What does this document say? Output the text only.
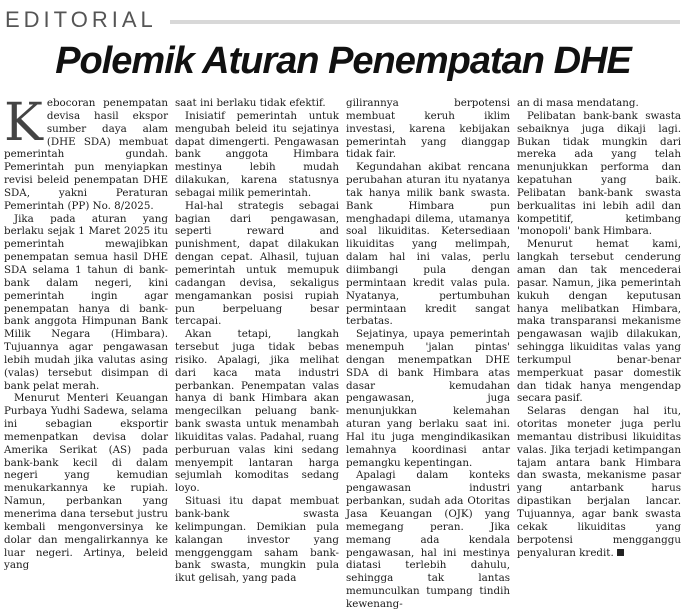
EDITORIAL
Polemik Aturan Penempatan DHE
K ebocoran penempatan devisa hasil ekspor sumber daya alam (DHE SDA) membuat pemerintah gundah. Pemerintah pun menyiapkan revisi beleid penempatan DHE SDA, yakni Peraturan Pemerintah (PP) No. 8/2025.

Jika pada aturan yang berlaku sejak 1 Maret 2025 itu pemerintah mewajibkan penempatan semua hasil DHE SDA selama 1 tahun di bank-bank dalam negeri, kini pemerintah ingin agar penempatan hanya di bank-bank anggota Himpunan Bank Milik Negara (Himbara). Tujuannya agar pengawasan lebih mudah jika valutas asing (valas) tersebut disimpan di bank pelat merah.

Menurut Menteri Keuangan Purbaya Yudhi Sadewa, selama ini sebagian eksportir memenpatkan devisa dolar Amerika Serikat (AS) pada bank-bank kecil di dalam negeri yang kemudian menukarkannya ke rupiah. Namun, perbankan yang menerima dana tersebut justru kembali mengonversinya ke dolar dan mengalirkannya ke luar negeri. Artinya, beleid yang

saat ini berlaku tidak efektif.

Inisiatif pemerintah untuk mengubah beleid itu sejatinya dapat dimengerti. Pengawasan bank anggota Himbara mestinya lebih mudah dilakukan, karena statusnya sebagai milik pemerintah.

Hal-hal strategis sebagai bagian dari pengawasan, seperti reward and punishment, dapat dilakukan dengan cepat. Alhasil, tujuan pemerintah untuk memupuk cadangan devisa, sekaligus mengamankan posisi rupiah pun berpeluang besar tercapai.

Akan tetapi, langkah tersebut juga tidak bebas risiko. Apalagi, jika melihat dari kaca mata industri perbankan. Penempatan valas hanya di bank Himbara akan mengecilkan peluang bank-bank swasta untuk menambah likuiditas valas. Padahal, ruang perburuan valas kini sedang menyempit lantaran harga sejumlah komoditas sedang loyo.

Situasi itu dapat membuat bank-bank swasta kelimpungan. Demikian pula kalangan investor yang menggenggam saham bank-bank swasta, mungkin pula ikut gelisah, yang pada

gilirannya berpotensi membuat keruh iklim investasi, karena kebijakan pemerintah yang dianggap tidak fair.

Kegundahan akibat rencana perubahan aturan itu nyatanya tak hanya milik bank swasta. Bank Himbara pun menghadapi dilema, utamanya soal likuiditas. Ketersediaan likuiditas yang melimpah, dalam hal ini valas, perlu diimbangi pula dengan permintaan kredit valas pula. Nyatanya, pertumbuhan permintaan kredit sangat terbatas.

Sejatinya, upaya pemerintah menempuh 'jalan pintas' dengan menempatkan DHE SDA di bank Himbara atas dasar kemudahan pengawasan, juga menunjukkan kelemahan aturan yang berlaku saat ini. Hal itu juga mengindikasikan lemahnya koordinasi antar pemangku kepentingan.

Apalagi dalam konteks pengawasan industri perbankan, sudah ada Otoritas Jasa Keuangan (OJK) yang memegang peran. Jika memang ada kendala pengawasan, hal ini mestinya diatasi terlebih dahulu, sehingga tak lantas memunculkan tumpang tindih kewenang-

an di masa mendatang.

Pelibatan bank-bank swasta sebaiknya juga dikaji lagi. Bukan tidak mungkin dari mereka ada yang telah menunjukkan performa dan kepatuhan yang baik. Pelibatan bank-bank swasta berkualitas ini lebih adil dan kompetitif, ketimbang 'monopoli' bank Himbara.

Menurut hemat kami, langkah tersebut cenderung aman dan tak mencederai pasar. Namun, jika pemerintah kukuh dengan keputusan hanya melibatkan Himbara, maka transparansi mekanisme pengawasan wajib dilakukan, sehingga likuiditas valas yang terkumpul benar-benar memperkuat pasar domestik dan tidak hanya mengendap secara pasif.

Selaras dengan hal itu, otoritas moneter juga perlu memantau distribusi likuiditas valas. Jika terjadi ketimpangan tajam antara bank Himbara dan swasta, mekanisme pasar yang antarbank harus dipastikan berjalan lancar. Tujuannya, agar bank swasta cekak likuiditas yang berpotensi mengganggu penyaluran kredit.
